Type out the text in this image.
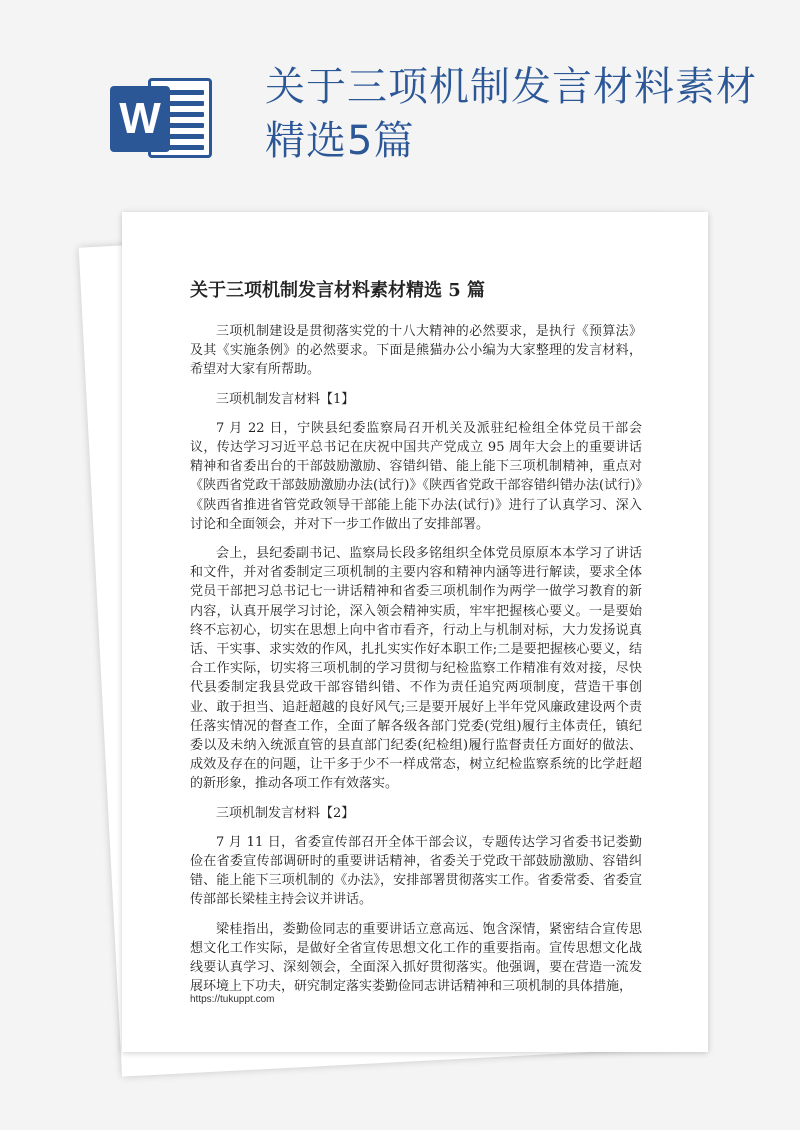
W
关于三项机制发言材料素材精选5篇
关于三项机制发言材料素材精选 5 篇

三项机制建设是贯彻落实党的十八大精神的必然要求，是执行《预算法》及其《实施条例》的必然要求。下面是熊猫办公小编为大家整理的发言材料，希望对大家有所帮助。

三项机制发言材料【1】

7 月 22 日，宁陕县纪委监察局召开机关及派驻纪检组全体党员干部会议，传达学习习近平总书记在庆祝中国共产党成立 95 周年大会上的重要讲话精神和省委出台的干部鼓励激励、容错纠错、能上能下三项机制精神，重点对《陕西省党政干部鼓励激励办法(试行)》《陕西省党政干部容错纠错办法(试行)》《陕西省推进省管党政领导干部能上能下办法(试行)》进行了认真学习、深入讨论和全面领会，并对下一步工作做出了安排部署。

会上，县纪委副书记、监察局长段多铭组织全体党员原原本本学习了讲话和文件，并对省委制定三项机制的主要内容和精神内涵等进行解读，要求全体党员干部把习总书记七一讲话精神和省委三项机制作为两学一做学习教育的新内容，认真开展学习讨论，深入领会精神实质，牢牢把握核心要义。一是要始终不忘初心，切实在思想上向中省市看齐，行动上与机制对标，大力发扬说真话、干实事、求实效的作风，扎扎实实作好本职工作;二是要把握核心要义，结合工作实际，切实将三项机制的学习贯彻与纪检监察工作精准有效对接，尽快代县委制定我县党政干部容错纠错、不作为责任追究两项制度，营造干事创业、敢于担当、追赶超越的良好风气;三是要开展好上半年党风廉政建设两个责任落实情况的督查工作，全面了解各级各部门党委(党组)履行主体责任，镇纪委以及未纳入统派直管的县直部门纪委(纪检组)履行监督责任方面好的做法、成效及存在的问题，让干多于少不一样成常态，树立纪检监察系统的比学赶超的新形象，推动各项工作有效落实。

三项机制发言材料【2】

7 月 11 日，省委宣传部召开全体干部会议，专题传达学习省委书记娄勤俭在省委宣传部调研时的重要讲话精神，省委关于党政干部鼓励激励、容错纠错、能上能下三项机制的《办法》，安排部署贯彻落实工作。省委常委、省委宣传部部长梁桂主持会议并讲话。

梁桂指出，娄勤俭同志的重要讲话立意高远、饱含深情，紧密结合宣传思想文化工作实际，是做好全省宣传思想文化工作的重要指南。宣传思想文化战线要认真学习、深刻领会，全面深入抓好贯彻落实。他强调，要在营造一流发展环境上下功夫，研究制定落实娄勤俭同志讲话精神和三项机制的具体措施，

https://tukuppt.com
